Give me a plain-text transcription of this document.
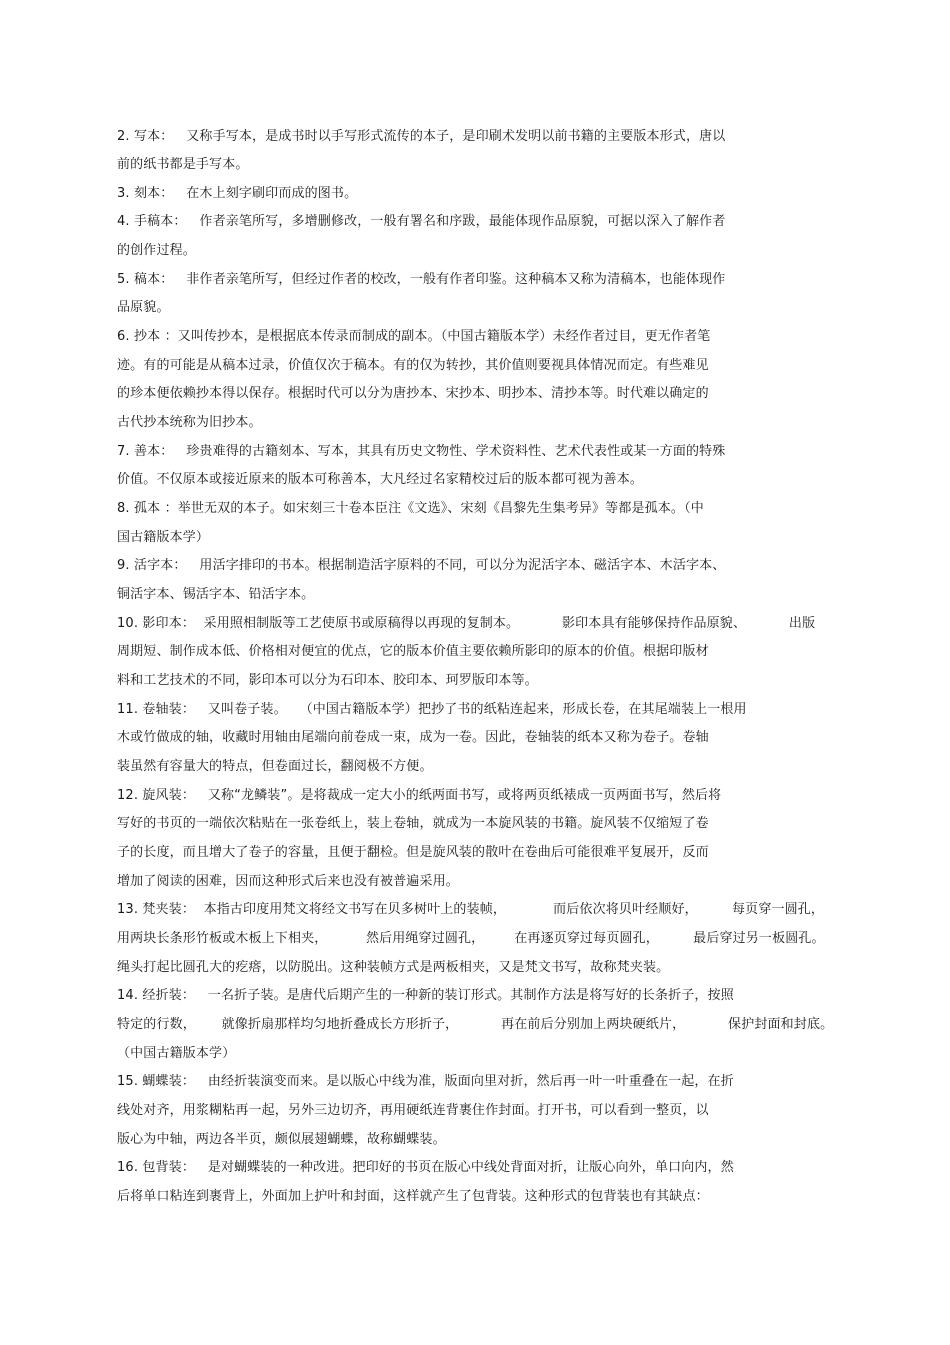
2. 写本：   又称手写本，是成书时以手写形式流传的本子，是印刷术发明以前书籍的主要版本形式，唐以
前的纸书都是手写本。
3. 刻本：   在木上刻字刷印而成的图书。
4. 手稿本：   作者亲笔所写，多增删修改，一般有署名和序跋，最能体现作品原貌，可据以深入了解作者
的创作过程。
5. 稿本：   非作者亲笔所写，但经过作者的校改，一般有作者印鉴。这种稿本又称为清稿本，也能体现作
品原貌。
6. 抄本 ：又叫传抄本，是根据底本传录而制成的副本。（中国古籍版本学）未经作者过目，更无作者笔
迹。有的可能是从稿本过录，价值仅次于稿本。有的仅为转抄，其价值则要视具体情况而定。有些难见
的珍本便依赖抄本得以保存。根据时代可以分为唐抄本、宋抄本、明抄本、清抄本等。时代难以确定的
古代抄本统称为旧抄本。
7. 善本：   珍贵难得的古籍刻本、写本，其具有历史文物性、学术资料性、艺术代表性或某一方面的特殊
价值。不仅原本或接近原来的版本可称善本，大凡经过名家精校过后的版本都可视为善本。
8. 孤本 ：举世无双的本子。如宋刻三十卷本臣注《文选》、宋刻《昌黎先生集考异》等都是孤本。（中
国古籍版本学）
9. 活字本：   用活字排印的书本。根据制造活字原料的不同，可以分为泥活字本、磁活字本、木活字本、
铜活字本、锡活字本、铅活字本。
10. 影印本：  采用照相制版等工艺使原书或原稿得以再现的复制本。          影印本具有能够保持作品原貌、          出版
周期短、制作成本低、价格相对便宜的优点，它的版本价值主要依赖所影印的原本的价值。根据印版材
料和工艺技术的不同，影印本可以分为石印本、胶印本、珂罗版印本等。
11. 卷轴装：   又叫卷子装。   （中国古籍版本学）把抄了书的纸粘连起来，形成长卷，在其尾端装上一根用
木或竹做成的轴，收藏时用轴由尾端向前卷成一束，成为一卷。因此，卷轴装的纸本又称为卷子。卷轴
装虽然有容量大的特点，但卷面过长，翻阅极不方便。
12. 旋风装：   又称“龙鳞装”。是将裁成一定大小的纸两面书写，或将两页纸裱成一页两面书写，然后将
写好的书页的一端依次粘贴在一张卷纸上，装上卷轴，就成为一本旋风装的书籍。旋风装不仅缩短了卷
子的长度，而且增大了卷子的容量，且便于翻检。但是旋风装的散叶在卷曲后可能很难平复展开，反而
增加了阅读的困难，因而这种形式后来也没有被普遍采用。
13. 梵夹装：  本指古印度用梵文将经文书写在贝多树叶上的装帧，           而后依次将贝叶经顺好，        每页穿一圆孔，
用两块长条形竹板或木板上下相夹，         然后用绳穿过圆孔，       在再逐页穿过每页圆孔，        最后穿过另一板圆孔。
绳头打起比圆孔大的疙瘩，以防脱出。这种装帧方式是两板相夹，又是梵文书写，故称梵夹装。
14. 经折装：   一名折子装。是唐代后期产生的一种新的装订形式。其制作方法是将写好的长条折子，按照
特定的行数，      就像折扇那样均匀地折叠成长方形折子，          再在前后分别加上两块硬纸片，          保护封面和封底。
（中国古籍版本学）
15. 蝴蝶装：   由经折装演变而来。是以版心中线为准，版面向里对折，然后再一叶一叶重叠在一起，在折
线处对齐，用浆糊粘再一起，另外三边切齐，再用硬纸连背裹住作封面。打开书，可以看到一整页，以
版心为中轴，两边各半页，颇似展翅蝴蝶，故称蝴蝶装。
16. 包背装：   是对蝴蝶装的一种改进。把印好的书页在版心中线处背面对折，让版心向外，单口向内，然
后将单口粘连到裹背上，外面加上护叶和封面，这样就产生了包背装。这种形式的包背装也有其缺点：
